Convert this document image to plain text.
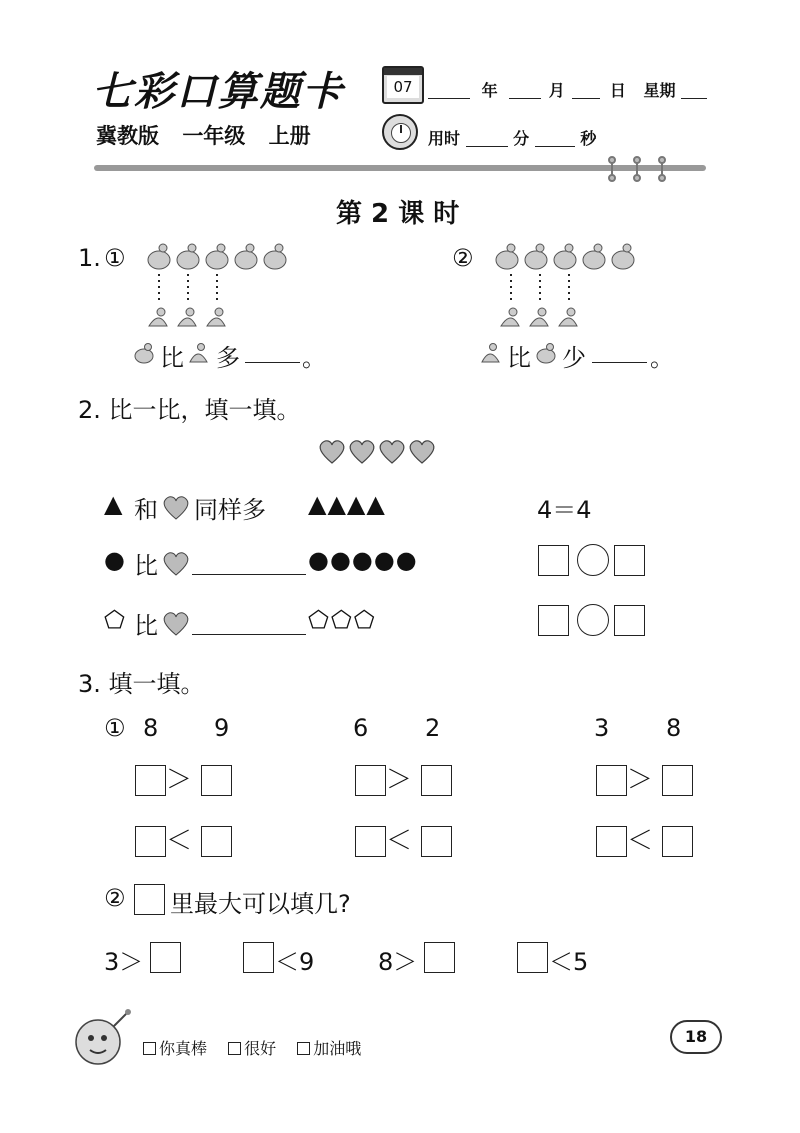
七彩口算题卡
冀教版 一年级 上册
07	年	月	日 星期
用时	分	秒
第 2 课 时
1. ①
比 多	。
②
比 少	。
2. 比一比，填一填。
▲ 和 同样多 ▲▲▲▲	4＝4
● 比	●●●●●
⬠ 比	⬠⬠⬠
3. 填一填。
① 8 9	6 2	3 8
＞	＞	＞
＜	＜	＜
② 里最大可以填几?
3＞	＜9	8＞	＜5
你真棒 很好 加油哦
18
